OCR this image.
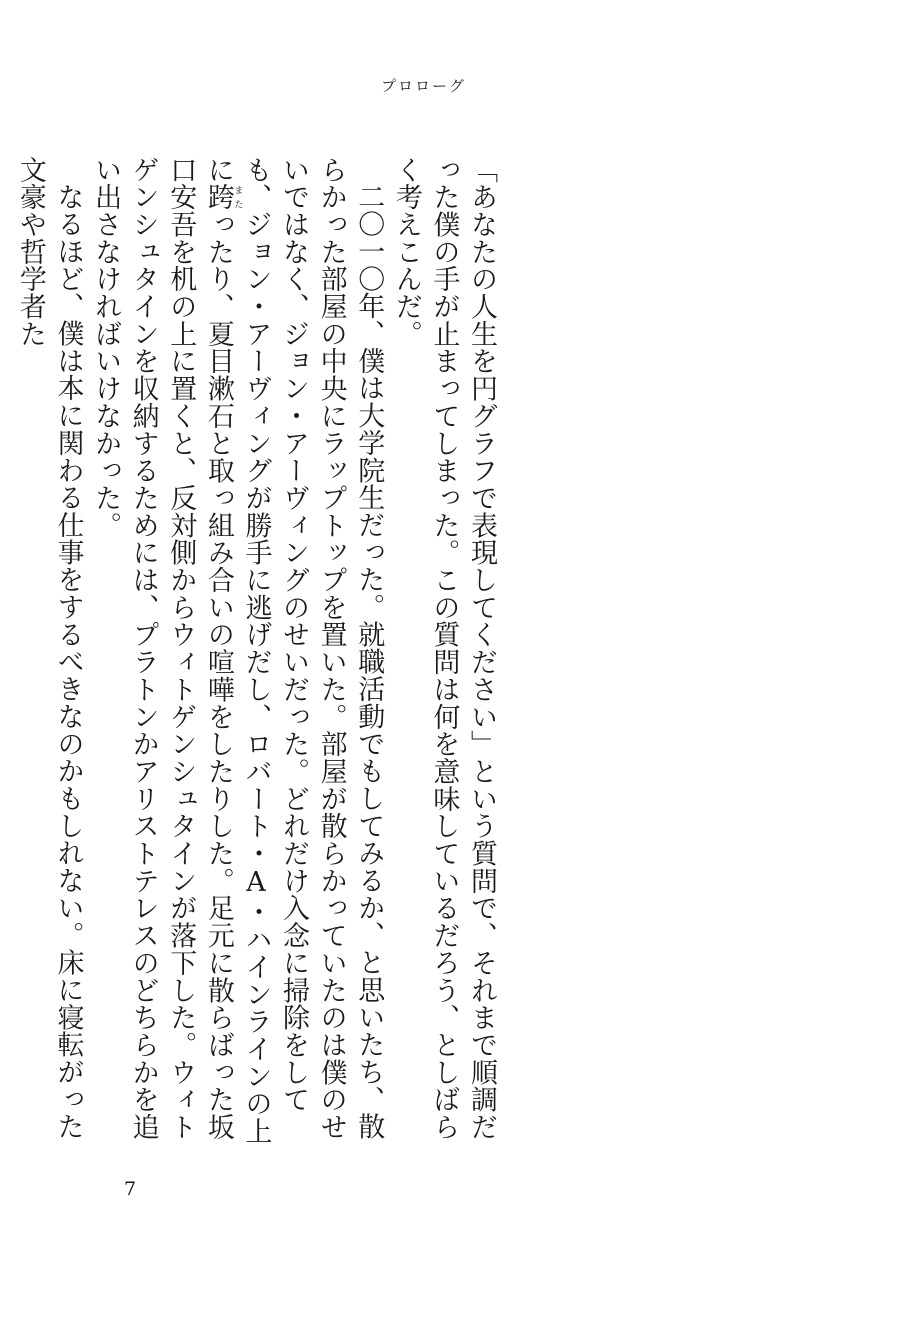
プロローグ

「あなたの人生を円グラフで表現してください」という質問で、それまで順調だった僕の手が止まってしまった。この質問は何を意味しているだろう、としばらく考えこんだ。

二〇一〇年、僕は大学院生だった。就職活動でもしてみるか、と思いたち、散らかった部屋の中央にラップトップを置いた。部屋が散らかっていたのは僕のせいではなく、ジョン・アーヴィングのせいだった。どれだけ入念に掃除をしても、ジョン・アーヴィングが勝手に逃げだし、ロバート・A・ハインラインの上に跨またったり、夏目漱石と取っ組み合いの喧嘩をしたりした。足元に散らばった坂口安吾を机の上に置くと、反対側からウィトゲンシュタインが落下した。ウィトゲンシュタインを収納するためには、プラトンかアリストテレスのどちらかを追い出さなければいけなかった。

なるほど、僕は本に関わる仕事をするべきなのかもしれない。床に寝転がった文豪や哲学者た

7
